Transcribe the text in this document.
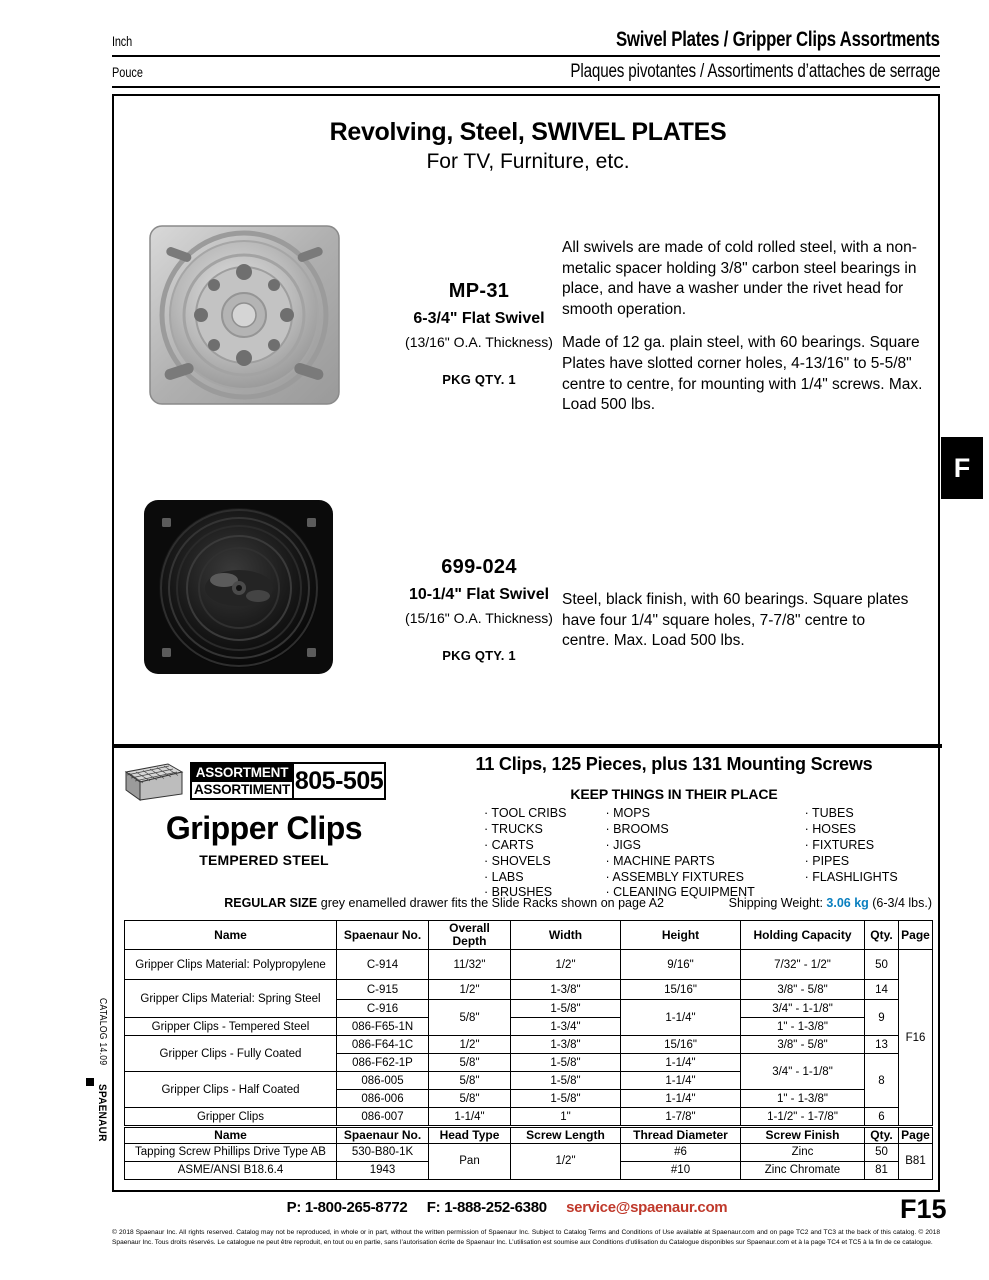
Inch	Swivel Plates / Gripper Clips Assortments
Pouce	Plaques pivotantes / Assortiments d’attaches de serrage
CATALOG 14.09
SPAENAUR
F
Revolving, Steel, SWIVEL PLATES
For TV, Furniture, etc.
MP-31
6-3/4" Flat Swivel
(13/16" O.A. Thickness)
PKG QTY. 1

All swivels are made of cold rolled steel, with a non-metalic spacer holding 3/8" carbon steel bearings in place, and have a washer under the rivet head for smooth operation.

Made of 12 ga. plain steel, with 60 bearings. Square Plates have slotted corner holes, 4-13/16" to 5-5/8" centre to centre, for mounting with 1/4" screws. Max. Load 500 lbs.

699-024
10-1/4" Flat Swivel
(15/16" O.A. Thickness)
PKG QTY. 1

Steel, black finish, with 60 bearings. Square plates have four 1/4" square holes, 7-7/8" centre to centre. Max. Load 500 lbs.

ASSORTMENT
ASSORTIMENT 805-505
Gripper Clips
TEMPERED STEEL
11 Clips, 125 Pieces, plus 131 Mounting Screws
KEEP THINGS IN THEIR PLACE
· TOOL CRIBS
· TRUCKS
· CARTS
· SHOVELS
· LABS
· BRUSHES
· MOPS
· BROOMS
· JIGS
· MACHINE PARTS
· ASSEMBLY FIXTURES
· CLEANING EQUIPMENT
· TUBES
· HOSES
· FIXTURES
· PIPES
· FLASHLIGHTS
REGULAR SIZE grey enamelled drawer fits the Slide Racks shown on page A2	Shipping Weight: 3.06 kg (6-3/4 lbs.)
Name	Spaenaur No.	Overall Depth	Width	Height	Holding Capacity	Qty.	Page
Gripper Clips Material: Polypropylene	C-914	11/32"	1/2"	9/16"	7/32" - 1/2"	50	F16
Gripper Clips Material: Spring Steel	C-915	1/2"	1-3/8"	15/16"	3/8" - 5/8"	14	
	C-916	5/8"	1-5/8"	1-1/4"	3/4" - 1-1/8"	9	
Gripper Clips - Tempered Steel	086-F65-1N		1-3/4"		1" - 1-3/8"		
Gripper Clips - Fully Coated	086-F64-1C	1/2"	1-3/8"	15/16"	3/8" - 5/8"	13	
	086-F62-1P	5/8"	1-5/8"	1-1/4"	3/4" - 1-1/8"	8	
Gripper Clips - Half Coated	086-005	5/8"	1-5/8"	1-1/4"			
	086-006	5/8"	1-5/8"	1-1/4"	1" - 1-3/8"		
Gripper Clips	086-007	1-1/4"	1"	1-7/8"	1-1/2" - 1-7/8"	6	
Name	Spaenaur No.	Head Type	Screw Length	Thread Diameter	Screw Finish	Qty.	Page
Tapping Screw Phillips Drive Type AB	530-B80-1K	Pan	1/2"	#6	Zinc	50	B81
ASME/ANSI B18.6.4	1943			#10	Zinc Chromate	81	
P: 1-800-265-8772 F: 1-888-252-6380 service@spaenaur.com	F15
© 2018 Spaenaur Inc. All rights reserved. Catalog may not be reproduced, in whole or in part, without the written permission of Spaenaur Inc. Subject to Catalog Terms and Conditions of Use available at Spaenaur.com and on page TC2 and TC3 at the back of this catalog. © 2018 Spaenaur Inc. Tous droits réservés. Le catalogue ne peut être reproduit, en tout ou en partie, sans l’autorisation écrite de Spaenaur Inc. L’utilisation est soumise aux Conditions d’utilisation du Catalogue disponibles sur Spaenaur.com et à la page TC4 et TC5 à la fin de ce catalogue.
